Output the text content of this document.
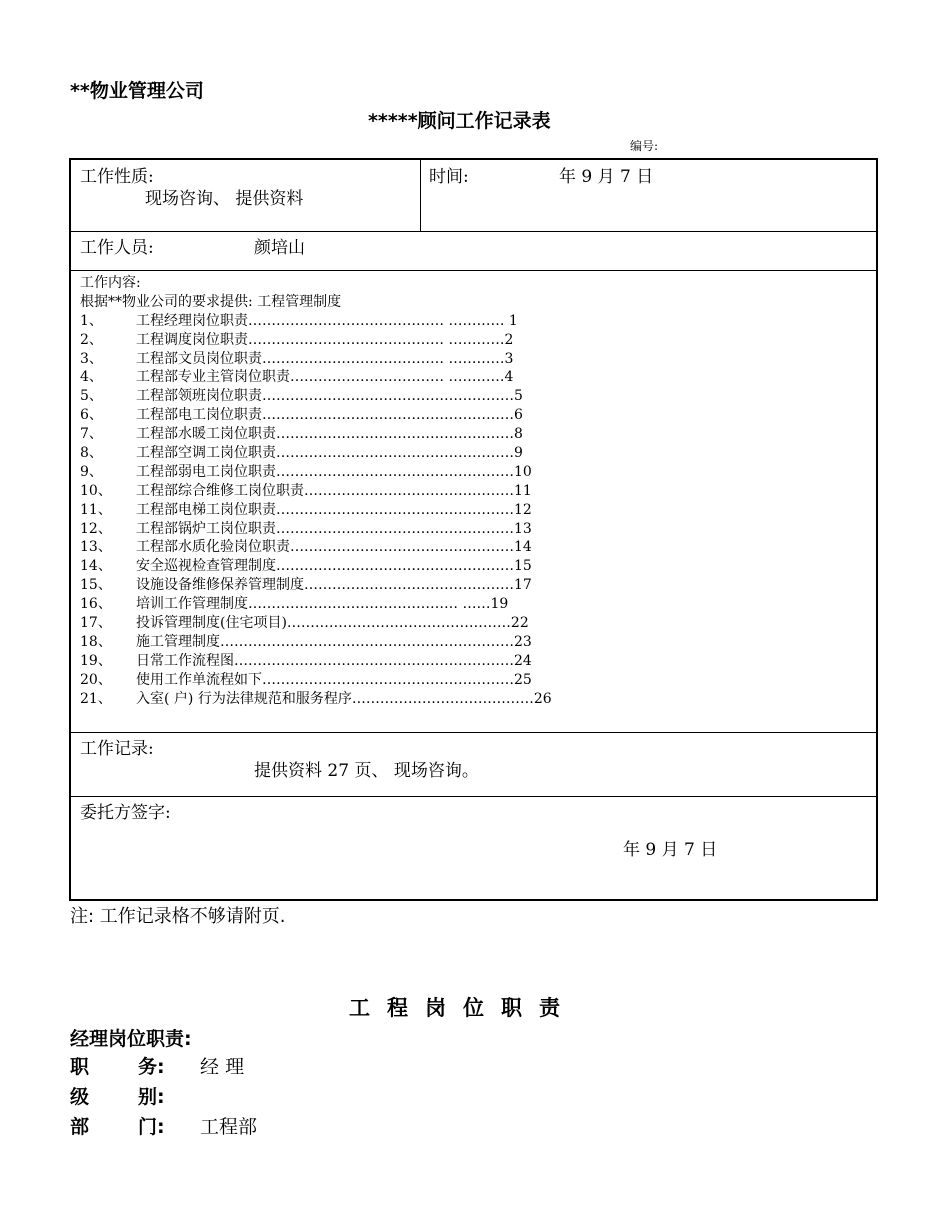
**物业管理公司
*****顾问工作记录表
编号:
工作性质:
现场咨询、 提供资料
时间:	年 9 月 7 日
工作人员:	颜培山
工作内容:
根据**物业公司的要求提供: 工程管理制度
1、	工程经理岗位职责…………………………………… ………… 1
2、	工程调度岗位职责…………………………………… …………2
3、	工程部文员岗位职责………………………………… …………3
4、	工程部专业主管岗位职责…………………………… …………4
5、	工程部领班岗位职责………………………………………………5
6、	工程部电工岗位职责………………………………………………6
7、	工程部水暖工岗位职责……………………………………………8
8、	工程部空调工岗位职责……………………………………………9
9、	工程部弱电工岗位职责……………………………………………10
10、	工程部综合维修工岗位职责………………………………………11
11、	工程部电梯工岗位职责……………………………………………12
12、	工程部锅炉工岗位职责……………………………………………13
13、	工程部水质化验岗位职责…………………………………………14
14、	安全巡视检查管理制度……………………………………………15
15、	设施设备维修保养管理制度………………………………………17
16、	培训工作管理制度……………………………………… ……19
17、	投诉管理制度(住宅项目)…………………………………………22
18、	施工管理制度………………………………………………………23
19、	日常工作流程图……………………………………………………24
20、	使用工作单流程如下………………………………………………25
21、	入室( 户) 行为法律规范和服务程序…………………………………26
工作记录:
提供资料 27 页、 现场咨询。
委托方签字:
年 9 月 7 日
注: 工作记录格不够请附页.
工程岗位职责
经理岗位职责:
职	务: 经 理
级	别:
部	门: 工程部
